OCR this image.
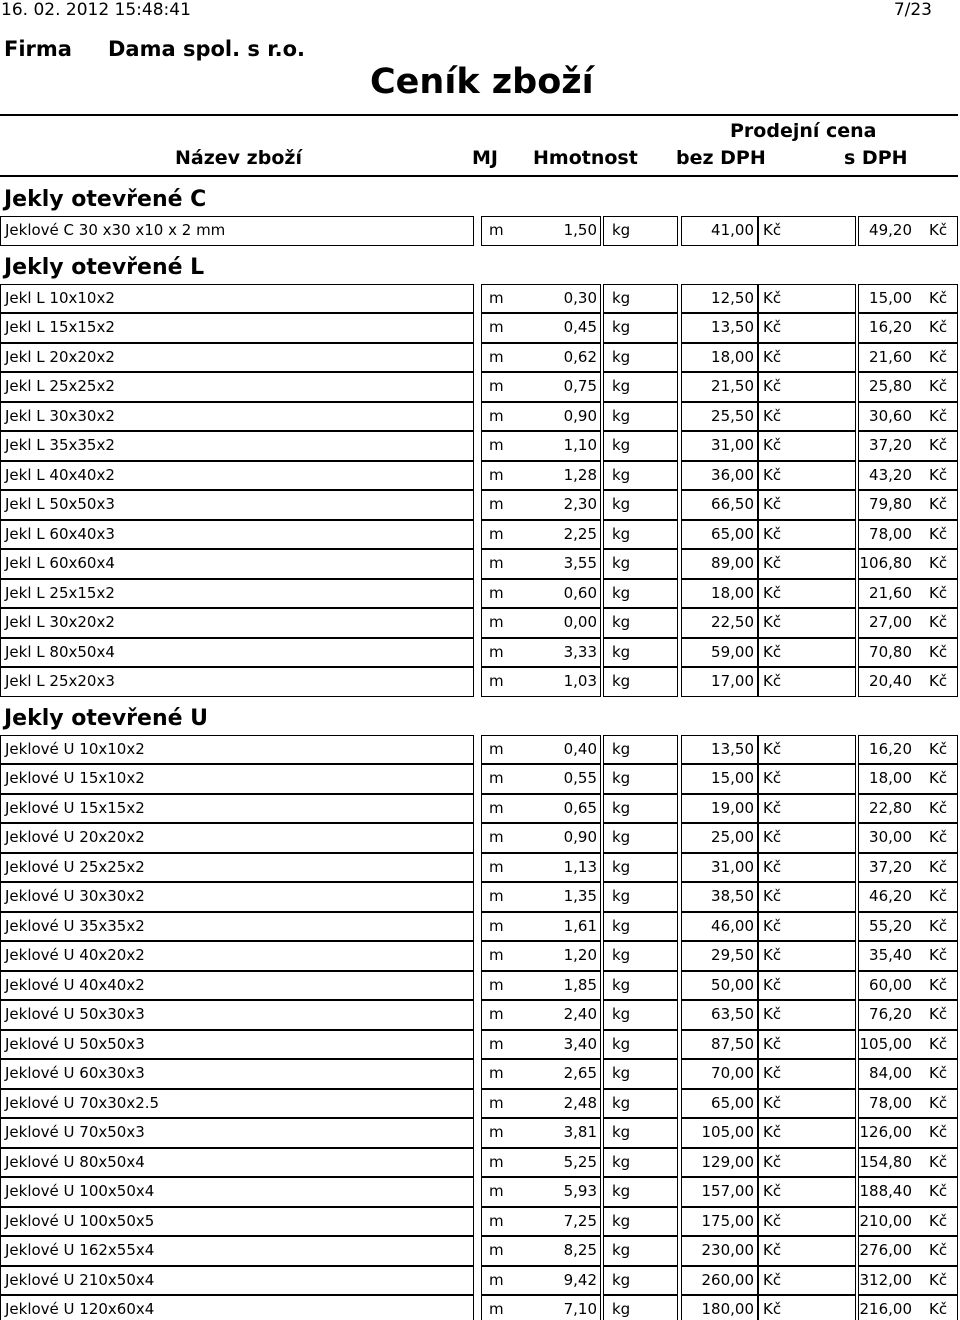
16. 02. 2012 15:48:41	7/23
Firma Dama spol. s r.o.
Ceník zboží
Název zboží	MJ Hmotnost
Prodejní cena
bez DPH	s DPH
Jekly otevřené C
Jeklové C 30 x30 x10 x 2 mm	m	1,50	kg	41,00 Kč	49,20	Kč
Jekly otevřené L
Jekl L 10x10x2	m	0,30	kg	12,50 Kč	15,00	Kč
Jekl L 15x15x2	m	0,45	kg	13,50 Kč	16,20	Kč
Jekl L 20x20x2	m	0,62	kg	18,00 Kč	21,60	Kč
Jekl L 25x25x2	m	0,75	kg	21,50 Kč	25,80	Kč
Jekl L 30x30x2	m	0,90	kg	25,50 Kč	30,60	Kč
Jekl L 35x35x2	m	1,10	kg	31,00 Kč	37,20	Kč
Jekl L 40x40x2	m	1,28	kg	36,00 Kč	43,20	Kč
Jekl L 50x50x3	m	2,30	kg	66,50 Kč	79,80	Kč
Jekl L 60x40x3	m	2,25	kg	65,00 Kč	78,00	Kč
Jekl L 60x60x4	m	3,55	kg	89,00 Kč	106,80	Kč
Jekl L 25x15x2	m	0,60	kg	18,00 Kč	21,60	Kč
Jekl L 30x20x2	m	0,00	kg	22,50 Kč	27,00	Kč
Jekl L 80x50x4	m	3,33	kg	59,00 Kč	70,80	Kč
Jekl L 25x20x3	m	1,03	kg	17,00 Kč	20,40	Kč
Jekly otevřené U
Jeklové U 10x10x2	m	0,40	kg	13,50 Kč	16,20	Kč
Jeklové U 15x10x2	m	0,55	kg	15,00 Kč	18,00	Kč
Jeklové U 15x15x2	m	0,65	kg	19,00 Kč	22,80	Kč
Jeklové U 20x20x2	m	0,90	kg	25,00 Kč	30,00	Kč
Jeklové U 25x25x2	m	1,13	kg	31,00 Kč	37,20	Kč
Jeklové U 30x30x2	m	1,35	kg	38,50 Kč	46,20	Kč
Jeklové U 35x35x2	m	1,61	kg	46,00 Kč	55,20	Kč
Jeklové U 40x20x2	m	1,20	kg	29,50 Kč	35,40	Kč
Jeklové U 40x40x2	m	1,85	kg	50,00 Kč	60,00	Kč
Jeklové U 50x30x3	m	2,40	kg	63,50 Kč	76,20	Kč
Jeklové U 50x50x3	m	3,40	kg	87,50 Kč	105,00	Kč
Jeklové U 60x30x3	m	2,65	kg	70,00 Kč	84,00	Kč
Jeklové U 70x30x2.5	m	2,48	kg	65,00 Kč	78,00	Kč
Jeklové U 70x50x3	m	3,81	kg	105,00 Kč	126,00	Kč
Jeklové U 80x50x4	m	5,25	kg	129,00 Kč	154,80	Kč
Jeklové U 100x50x4	m	5,93	kg	157,00 Kč	188,40	Kč
Jeklové U 100x50x5	m	7,25	kg	175,00 Kč	210,00	Kč
Jeklové U 162x55x4	m	8,25	kg	230,00 Kč	276,00	Kč
Jeklové U 210x50x4	m	9,42	kg	260,00 Kč	312,00	Kč
Jeklové U 120x60x4	m	7,10	kg	180,00 Kč	216,00	Kč
